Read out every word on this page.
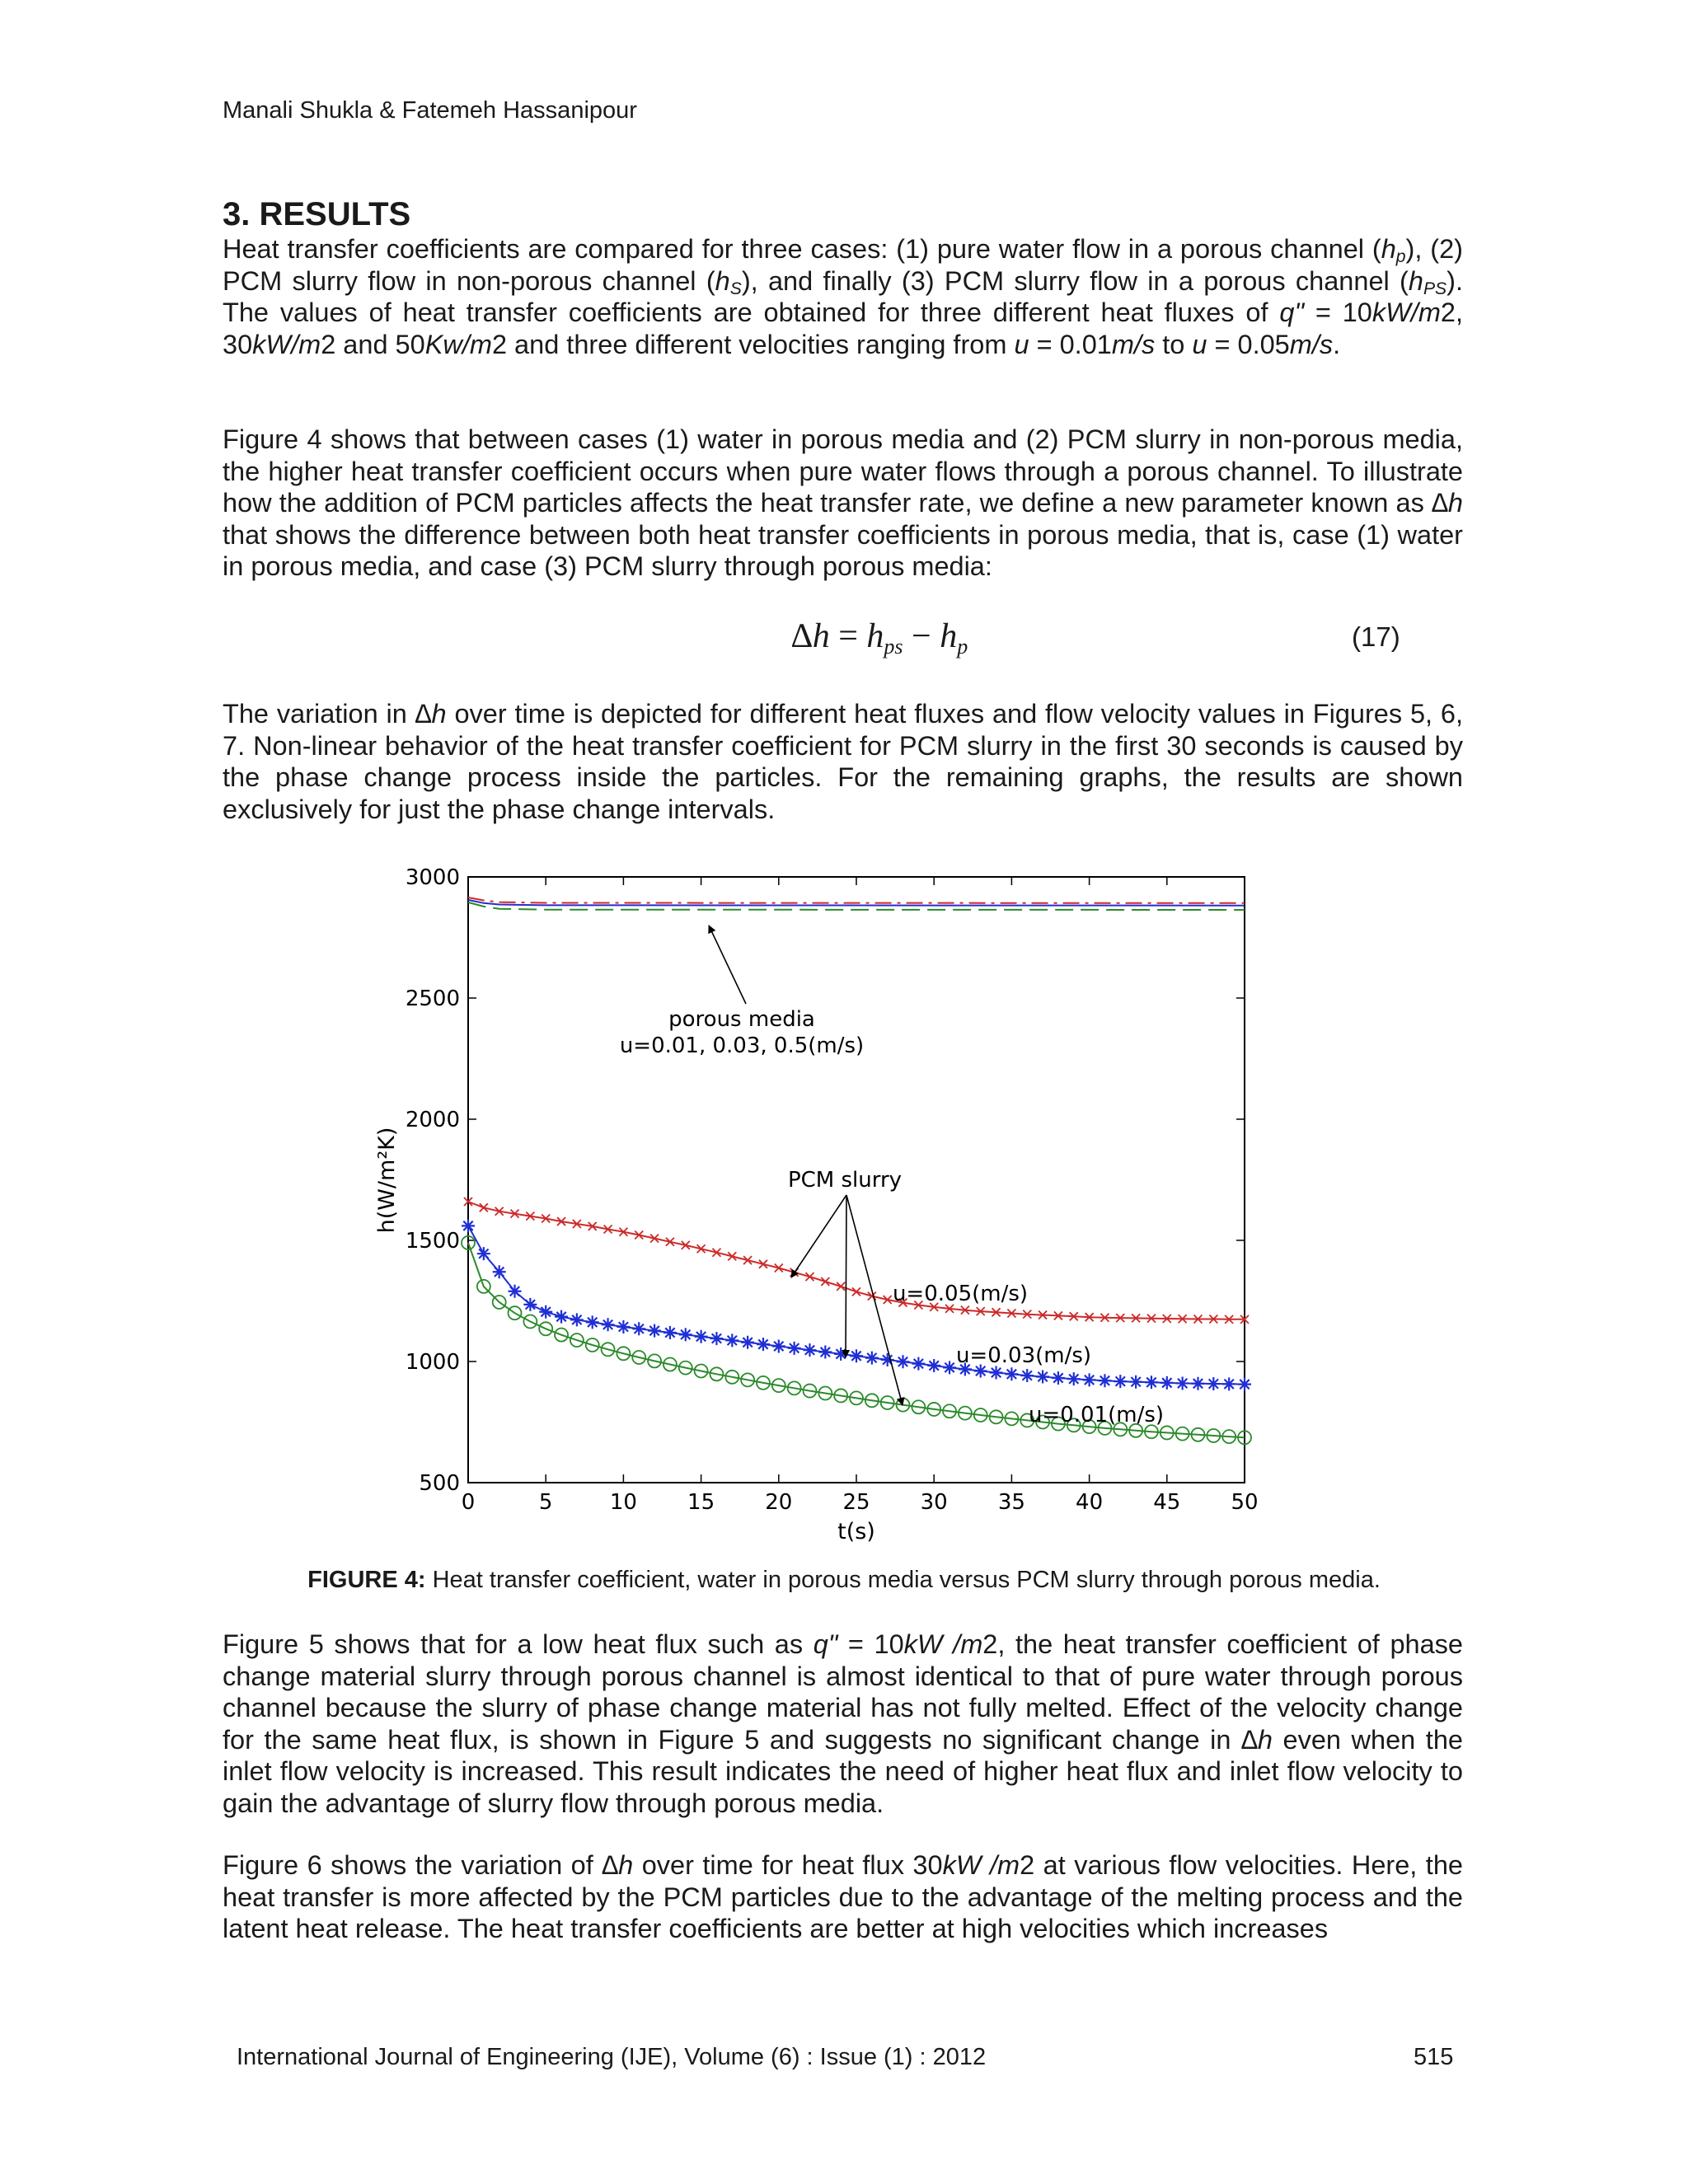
Manali Shukla & Fatemeh Hassanipour
3. RESULTS
Heat transfer coefficients are compared for three cases: (1) pure water flow in a porous channel $(h_p)$, (2) PCM slurry flow in non-porous channel $(h_S)$, and finally (3) PCM slurry flow in a porous channel $(h_{PS})$. The values of heat transfer coefficients are obtained for three different heat fluxes of q" = 10kW/m2, 30kW/m2 and 50Kw/m2 and three different velocities ranging from u = 0.01m/s to u = 0.05m/s.
Figure 4 shows that between cases (1) water in porous media and (2) PCM slurry in non-porous media, the higher heat transfer coefficient occurs when pure water flows through a porous channel. To illustrate how the addition of PCM particles affects the heat transfer rate, we define a new parameter known as ∆h that shows the difference between both heat transfer coefficients in porous media, that is, case (1) water in porous media, and case (3) PCM slurry through porous media:
$\Delta h = h_{ps} - h_p$	(17)
The variation in ∆h over time is depicted for different heat fluxes and flow velocity values in Figures 5, 6, 7. Non-linear behavior of the heat transfer coefficient for PCM slurry in the first 30 seconds is caused by the phase change process inside the particles. For the remaining graphs, the results are shown exclusively for just the phase change intervals.
0	5	10 15 20 25 30 35 40 45 50
500
1000
1500
2000
2500
3000
porous media
u=0.01, 0.03, 0.5(m/s)
PCM slurry
u=0.05(m/s)
u=0.03(m/s)
u=0.01(m/s)
t(s)
h(W/m²K)
FIGURE 4: Heat transfer coefficient, water in porous media versus PCM slurry through porous media.
Figure 5 shows that for a low heat flux such as q" = 10kW /m2, the heat transfer coefficient of phase change material slurry through porous channel is almost identical to that of pure water through porous channel because the slurry of phase change material has not fully melted. Effect of the velocity change for the same heat flux, is shown in Figure 5 and suggests no significant change in ∆h even when the inlet flow velocity is increased. This result indicates the need of higher heat flux and inlet flow velocity to gain the advantage of slurry flow through porous media.
Figure 6 shows the variation of ∆h over time for heat flux 30kW /m2 at various flow velocities. Here, the heat transfer is more affected by the PCM particles due to the advantage of the melting process and the latent heat release. The heat transfer coefficients are better at high velocities which increases
International Journal of Engineering (IJE), Volume (6) : Issue (1) : 2012	515
